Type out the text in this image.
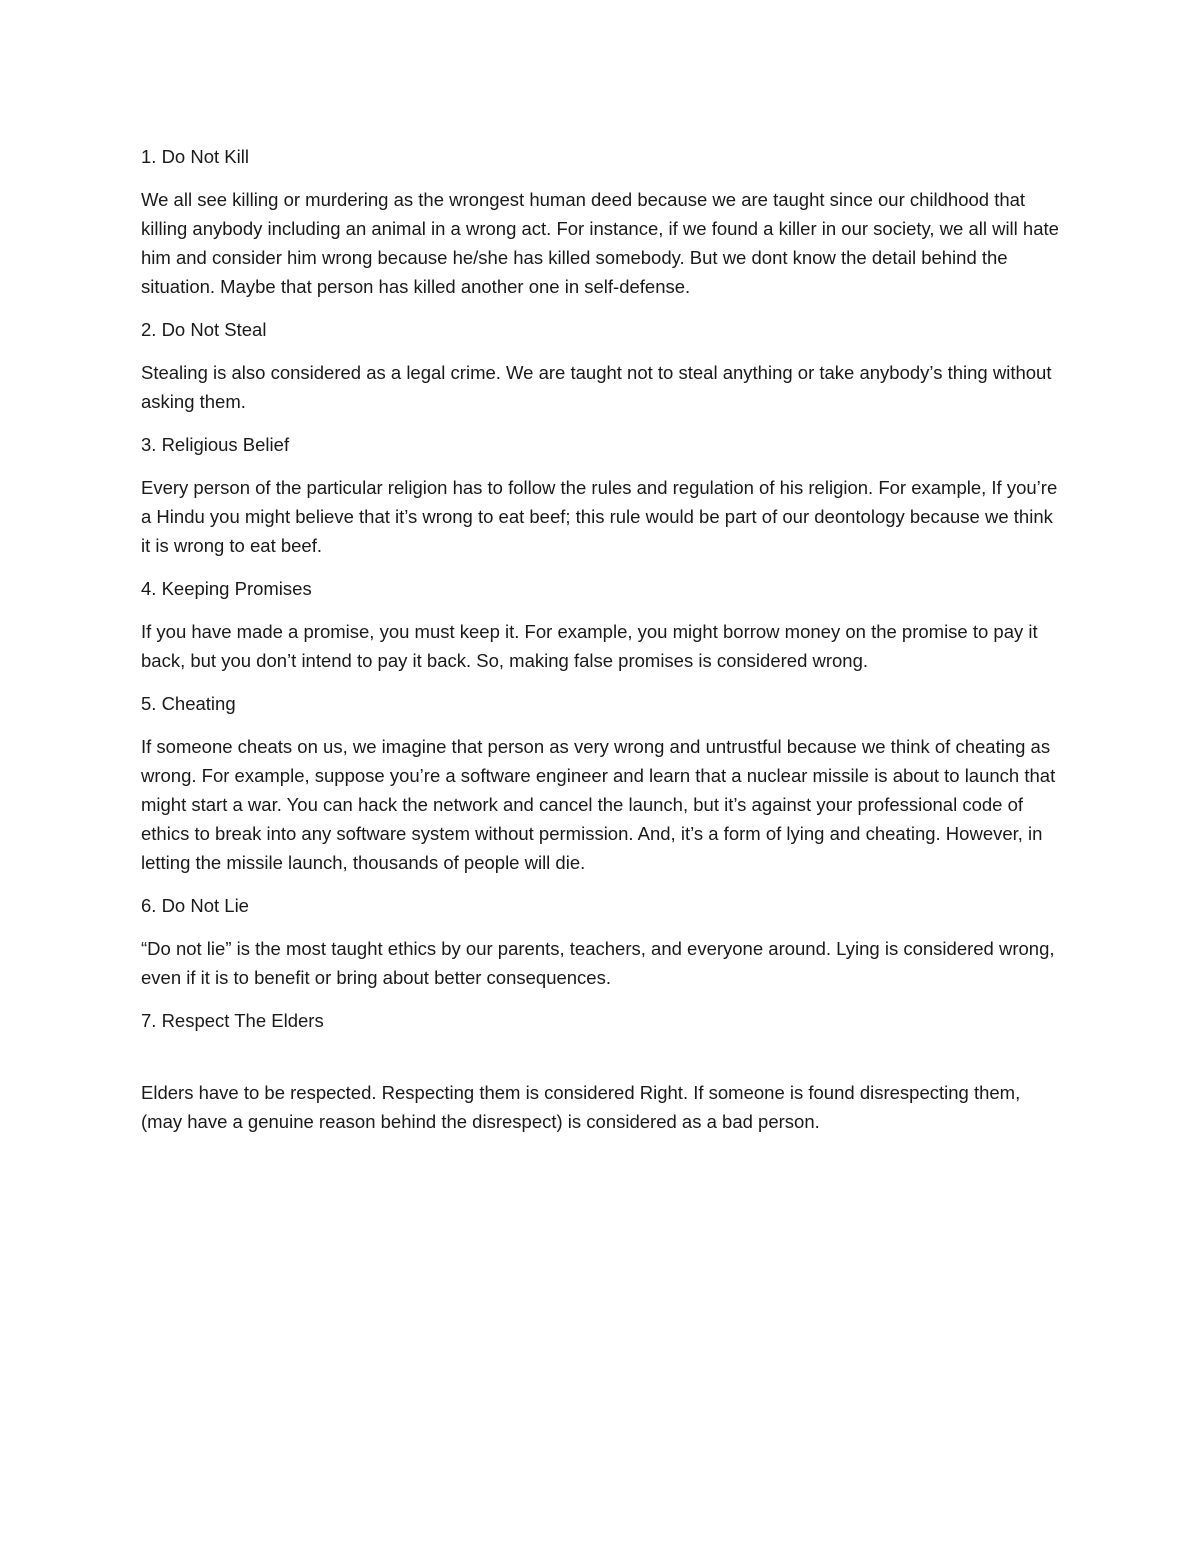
1. Do Not Kill
We all see killing or murdering as the wrongest human deed because we are taught since our childhood that killing anybody including an animal in a wrong act. For instance, if we found a killer in our society, we all will hate him and consider him wrong because he/she has killed somebody. But we dont know the detail behind the situation. Maybe that person has killed another one in self-defense.
2. Do Not Steal
Stealing is also considered as a legal crime. We are taught not to steal anything or take anybody’s thing without asking them.
3. Religious Belief
Every person of the particular religion has to follow the rules and regulation of his religion. For example, If you’re a Hindu you might believe that it’s wrong to eat beef; this rule would be part of our deontology because we think it is wrong to eat beef.
4. Keeping Promises
If you have made a promise, you must keep it. For example, you might borrow money on the promise to pay it back, but you don’t intend to pay it back. So, making false promises is considered wrong.
5. Cheating
If someone cheats on us, we imagine that person as very wrong and untrustful because we think of cheating as wrong. For example, suppose you’re a software engineer and learn that a nuclear missile is about to launch that might start a war. You can hack the network and cancel the launch, but it’s against your professional code of ethics to break into any software system without permission. And, it’s a form of lying and cheating. However, in letting the missile launch, thousands of people will die.
6. Do Not Lie
“Do not lie” is the most taught ethics by our parents, teachers, and everyone around. Lying is considered wrong, even if it is to benefit or bring about better consequences.
7. Respect The Elders
Elders have to be respected. Respecting them is considered Right. If someone is found disrespecting them, (may have a genuine reason behind the disrespect) is considered as a bad person.
